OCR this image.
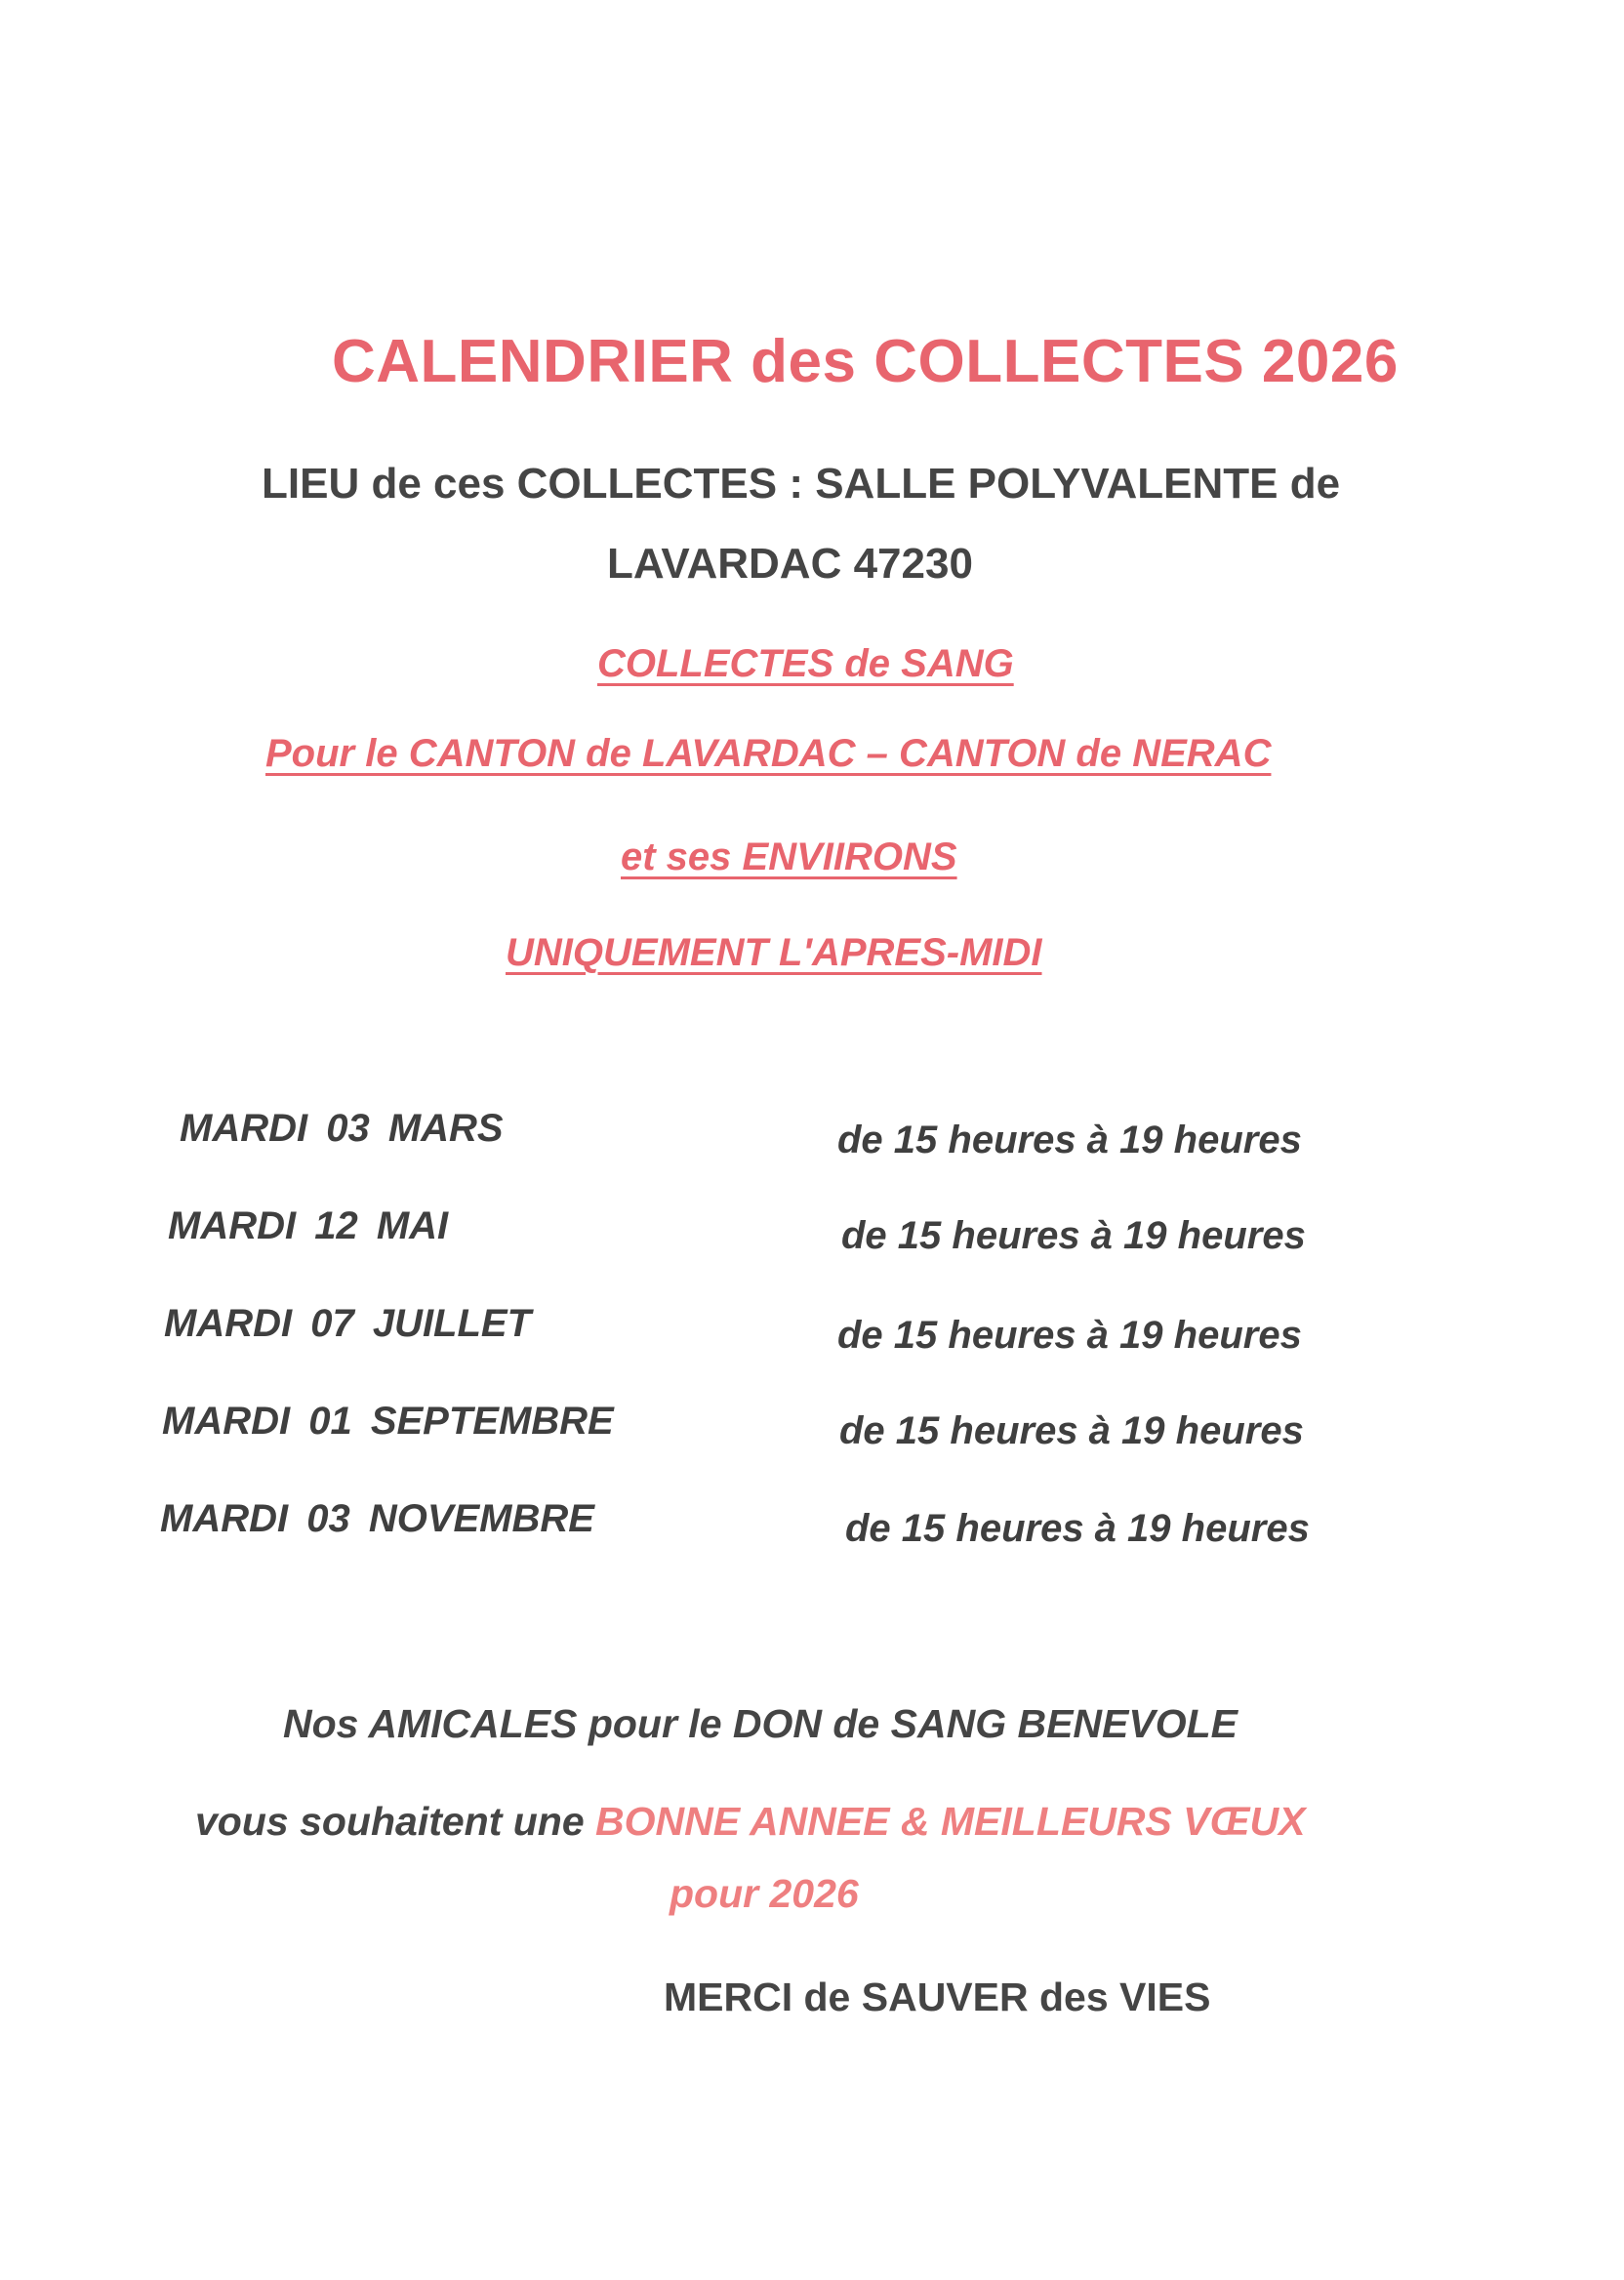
CALENDRIER des COLLECTES 2026
LIEU de ces COLLECTES : SALLE POLYVALENTE de
LAVARDAC 47230
COLLECTES de SANG
Pour le CANTON de LAVARDAC – CANTON de NERAC
et ses ENVIIRONS
UNIQUEMENT L'APRES-MIDI
MARDI 03 MARS	de 15 heures à 19 heures
MARDI 12 MAI	de 15 heures à 19 heures
MARDI 07 JUILLET	de 15 heures à 19 heures
MARDI 01 SEPTEMBRE	de 15 heures à 19 heures
MARDI 03 NOVEMBRE	de 15 heures à 19 heures
Nos AMICALES pour le DON de SANG BENEVOLE
vous souhaitent une BONNE ANNEE & MEILLEURS VŒUX
pour 2026
MERCI de SAUVER des VIES
